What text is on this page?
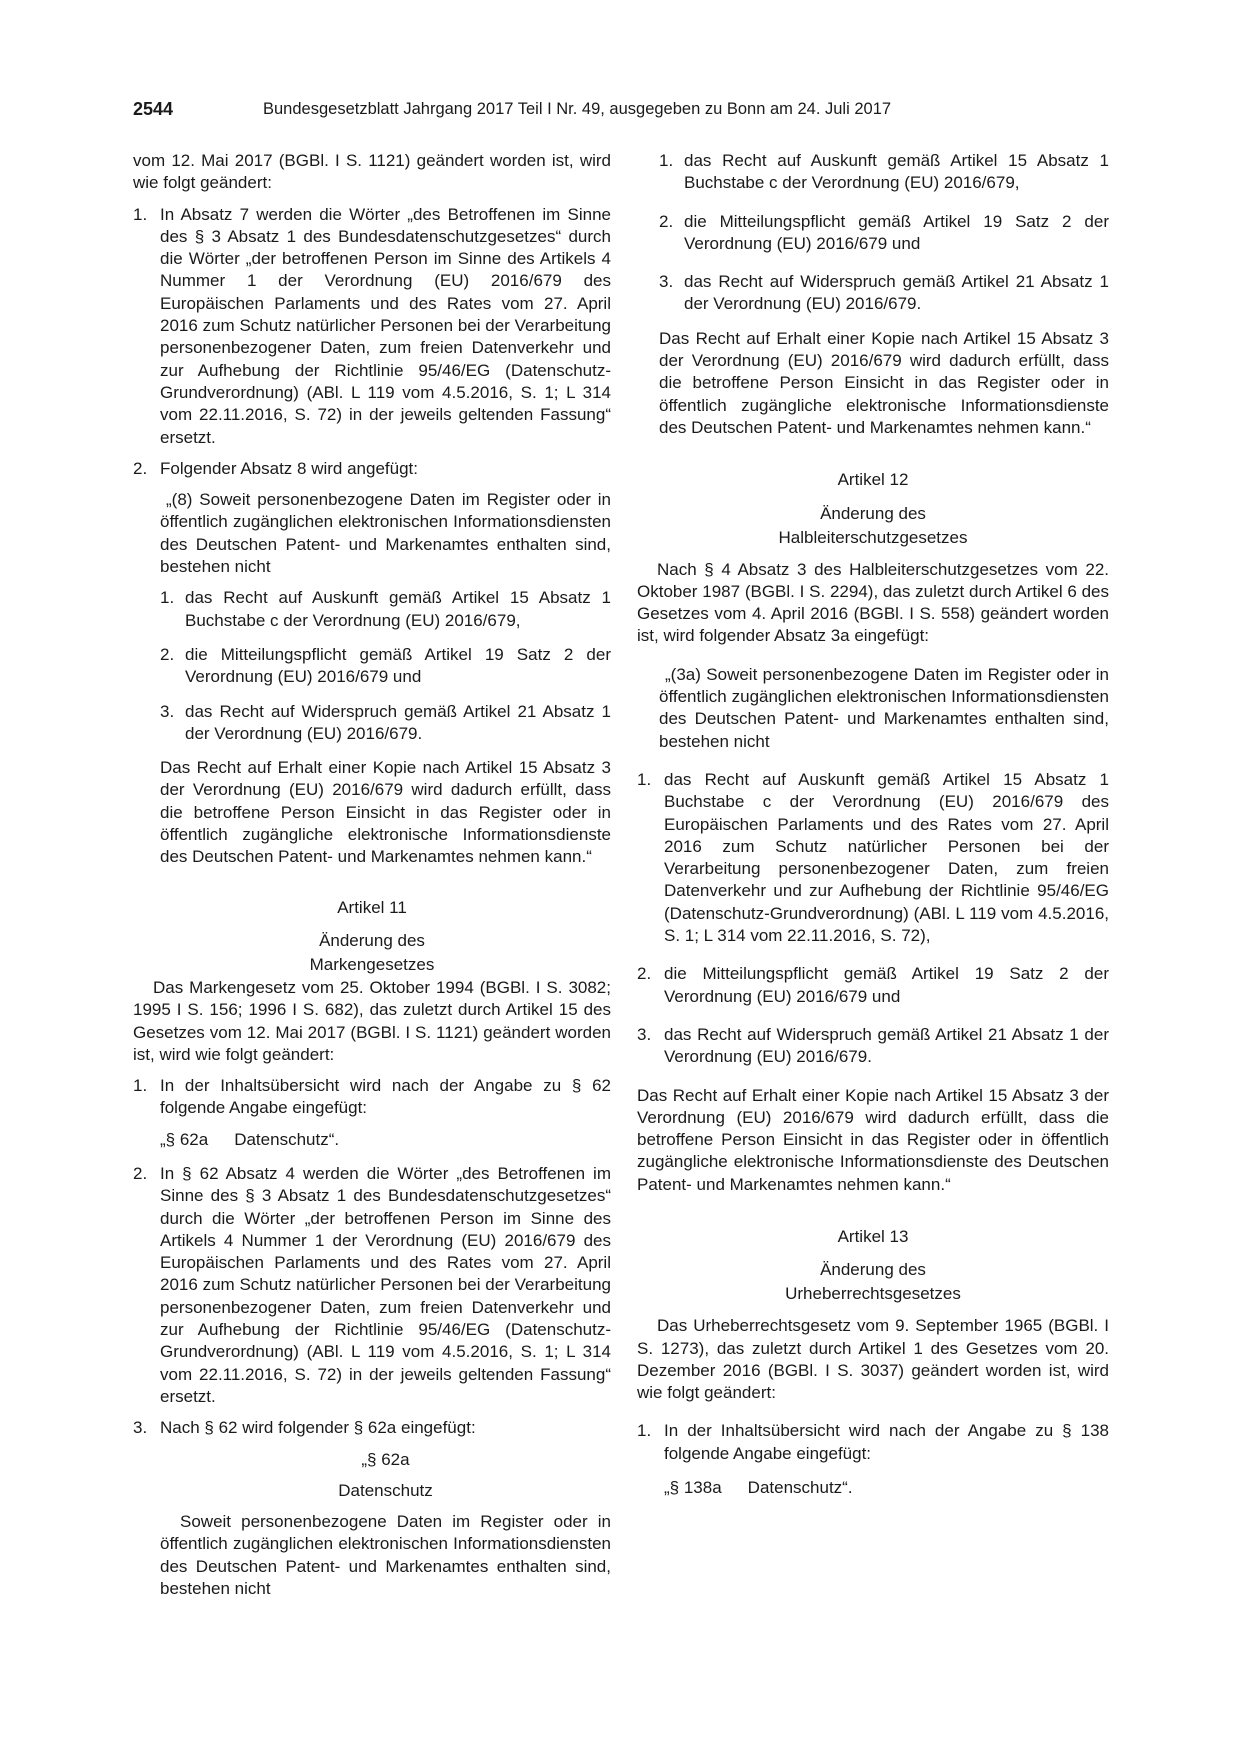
2544	Bundesgesetzblatt Jahrgang 2017 Teil I Nr. 49, ausgegeben zu Bonn am 24. Juli 2017

vom 12. Mai 2017 (BGBl. I S. 1121) geändert worden ist, wird wie folgt geändert:

1. In Absatz 7 werden die Wörter „des Betroffenen im Sinne des § 3 Absatz 1 des Bundesdatenschutzgesetzes“ durch die Wörter „der betroffenen Person im Sinne des Artikels 4 Nummer 1 der Verordnung (EU) 2016/679 des Europäischen Parlaments und des Rates vom 27. April 2016 zum Schutz natürlicher Personen bei der Verarbeitung personenbezogener Daten, zum freien Datenverkehr und zur Aufhebung der Richtlinie 95/46/EG (Datenschutz-Grundverordnung) (ABl. L 119 vom 4.5.2016, S. 1; L 314 vom 22.11.2016, S. 72) in der jeweils geltenden Fassung“ ersetzt.
2. Folgender Absatz 8 wird angefügt:

„(8) Soweit personenbezogene Daten im Register oder in öffentlich zugänglichen elektronischen Informationsdiensten des Deutschen Patent- und Markenamtes enthalten sind, bestehen nicht

1. das Recht auf Auskunft gemäß Artikel 15 Absatz 1 Buchstabe c der Verordnung (EU) 2016/679,
2. die Mitteilungspflicht gemäß Artikel 19 Satz 2 der Verordnung (EU) 2016/679 und
3. das Recht auf Widerspruch gemäß Artikel 21 Absatz 1 der Verordnung (EU) 2016/679.

Das Recht auf Erhalt einer Kopie nach Artikel 15 Absatz 3 der Verordnung (EU) 2016/679 wird dadurch erfüllt, dass die betroffene Person Einsicht in das Register oder in öffentlich zugängliche elektronische Informationsdienste des Deutschen Patent- und Markenamtes nehmen kann.“

Artikel 11
Änderung des
Markengesetzes

Das Markengesetz vom 25. Oktober 1994 (BGBl. I S. 3082; 1995 I S. 156; 1996 I S. 682), das zuletzt durch Artikel 15 des Gesetzes vom 12. Mai 2017 (BGBl. I S. 1121) geändert worden ist, wird wie folgt geändert:

1. In der Inhaltsübersicht wird nach der Angabe zu § 62 folgende Angabe eingefügt:
„§ 62a Datenschutz“.
2. In § 62 Absatz 4 werden die Wörter „des Betroffenen im Sinne des § 3 Absatz 1 des Bundesdatenschutzgesetzes“ durch die Wörter „der betroffenen Person im Sinne des Artikels 4 Nummer 1 der Verordnung (EU) 2016/679 des Europäischen Parlaments und des Rates vom 27. April 2016 zum Schutz natürlicher Personen bei der Verarbeitung personenbezogener Daten, zum freien Datenverkehr und zur Aufhebung der Richtlinie 95/46/EG (Datenschutz-Grundverordnung) (ABl. L 119 vom 4.5.2016, S. 1; L 314 vom 22.11.2016, S. 72) in der jeweils geltenden Fassung“ ersetzt.
3. Nach § 62 wird folgender § 62a eingefügt:
„§ 62a
Datenschutz

Soweit personenbezogene Daten im Register oder in öffentlich zugänglichen elektronischen Informationsdiensten des Deutschen Patent- und Markenamtes enthalten sind, bestehen nicht

1. das Recht auf Auskunft gemäß Artikel 15 Absatz 1 Buchstabe c der Verordnung (EU) 2016/679,
2. die Mitteilungspflicht gemäß Artikel 19 Satz 2 der Verordnung (EU) 2016/679 und
3. das Recht auf Widerspruch gemäß Artikel 21 Absatz 1 der Verordnung (EU) 2016/679.

Das Recht auf Erhalt einer Kopie nach Artikel 15 Absatz 3 der Verordnung (EU) 2016/679 wird dadurch erfüllt, dass die betroffene Person Einsicht in das Register oder in öffentlich zugängliche elektronische Informationsdienste des Deutschen Patent- und Markenamtes nehmen kann.“

Artikel 12
Änderung des
Halbleiterschutzgesetzes

Nach § 4 Absatz 3 des Halbleiterschutzgesetzes vom 22. Oktober 1987 (BGBl. I S. 2294), das zuletzt durch Artikel 6 des Gesetzes vom 4. April 2016 (BGBl. I S. 558) geändert worden ist, wird folgender Absatz 3a eingefügt:

„(3a) Soweit personenbezogene Daten im Register oder in öffentlich zugänglichen elektronischen Informationsdiensten des Deutschen Patent- und Markenamtes enthalten sind, bestehen nicht

1. das Recht auf Auskunft gemäß Artikel 15 Absatz 1 Buchstabe c der Verordnung (EU) 2016/679 des Europäischen Parlaments und des Rates vom 27. April 2016 zum Schutz natürlicher Personen bei der Verarbeitung personenbezogener Daten, zum freien Datenverkehr und zur Aufhebung der Richtlinie 95/46/EG (Datenschutz-Grundverordnung) (ABl. L 119 vom 4.5.2016, S. 1; L 314 vom 22.11.2016, S. 72),
2. die Mitteilungspflicht gemäß Artikel 19 Satz 2 der Verordnung (EU) 2016/679 und
3. das Recht auf Widerspruch gemäß Artikel 21 Absatz 1 der Verordnung (EU) 2016/679.

Das Recht auf Erhalt einer Kopie nach Artikel 15 Absatz 3 der Verordnung (EU) 2016/679 wird dadurch erfüllt, dass die betroffene Person Einsicht in das Register oder in öffentlich zugängliche elektronische Informationsdienste des Deutschen Patent- und Markenamtes nehmen kann.“

Artikel 13
Änderung des
Urheberrechtsgesetzes

Das Urheberrechtsgesetz vom 9. September 1965 (BGBl. I S. 1273), das zuletzt durch Artikel 1 des Gesetzes vom 20. Dezember 2016 (BGBl. I S. 3037) geändert worden ist, wird wie folgt geändert:

1. In der Inhaltsübersicht wird nach der Angabe zu § 138 folgende Angabe eingefügt:
„§ 138a Datenschutz“.
